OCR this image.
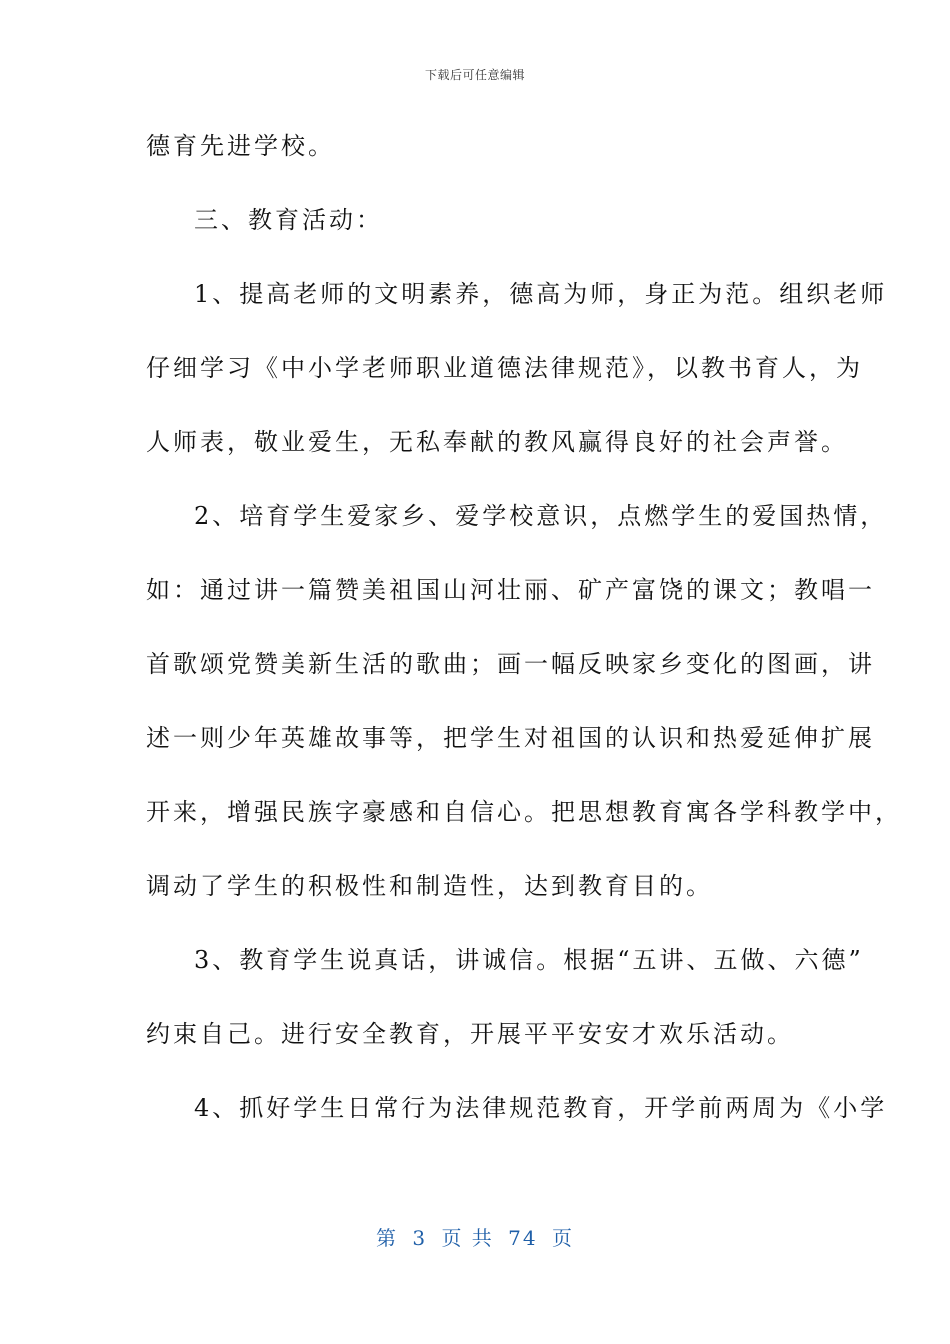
下载后可任意编辑
德育先进学校。
三、教育活动：
1、提高老师的文明素养，德高为师，身正为范。组织老师
仔细学习《中小学老师职业道德法律规范》，以教书育人，为
人师表，敬业爱生，无私奉献的教风赢得良好的社会声誉。
2、培育学生爱家乡、爱学校意识，点燃学生的爱国热情，
如：通过讲一篇赞美祖国山河壮丽、矿产富饶的课文；教唱一
首歌颂党赞美新生活的歌曲；画一幅反映家乡变化的图画，讲
述一则少年英雄故事等，把学生对祖国的认识和热爱延伸扩展
开来，增强民族字豪感和自信心。把思想教育寓各学科教学中，
调动了学生的积极性和制造性，达到教育目的。
3、教育学生说真话，讲诚信。根据“五讲、五做、六德”
约束自己。进行安全教育，开展平平安安才欢乐活动。
4、抓好学生日常行为法律规范教育，开学前两周为《小学
第 3 页 共 74 页
